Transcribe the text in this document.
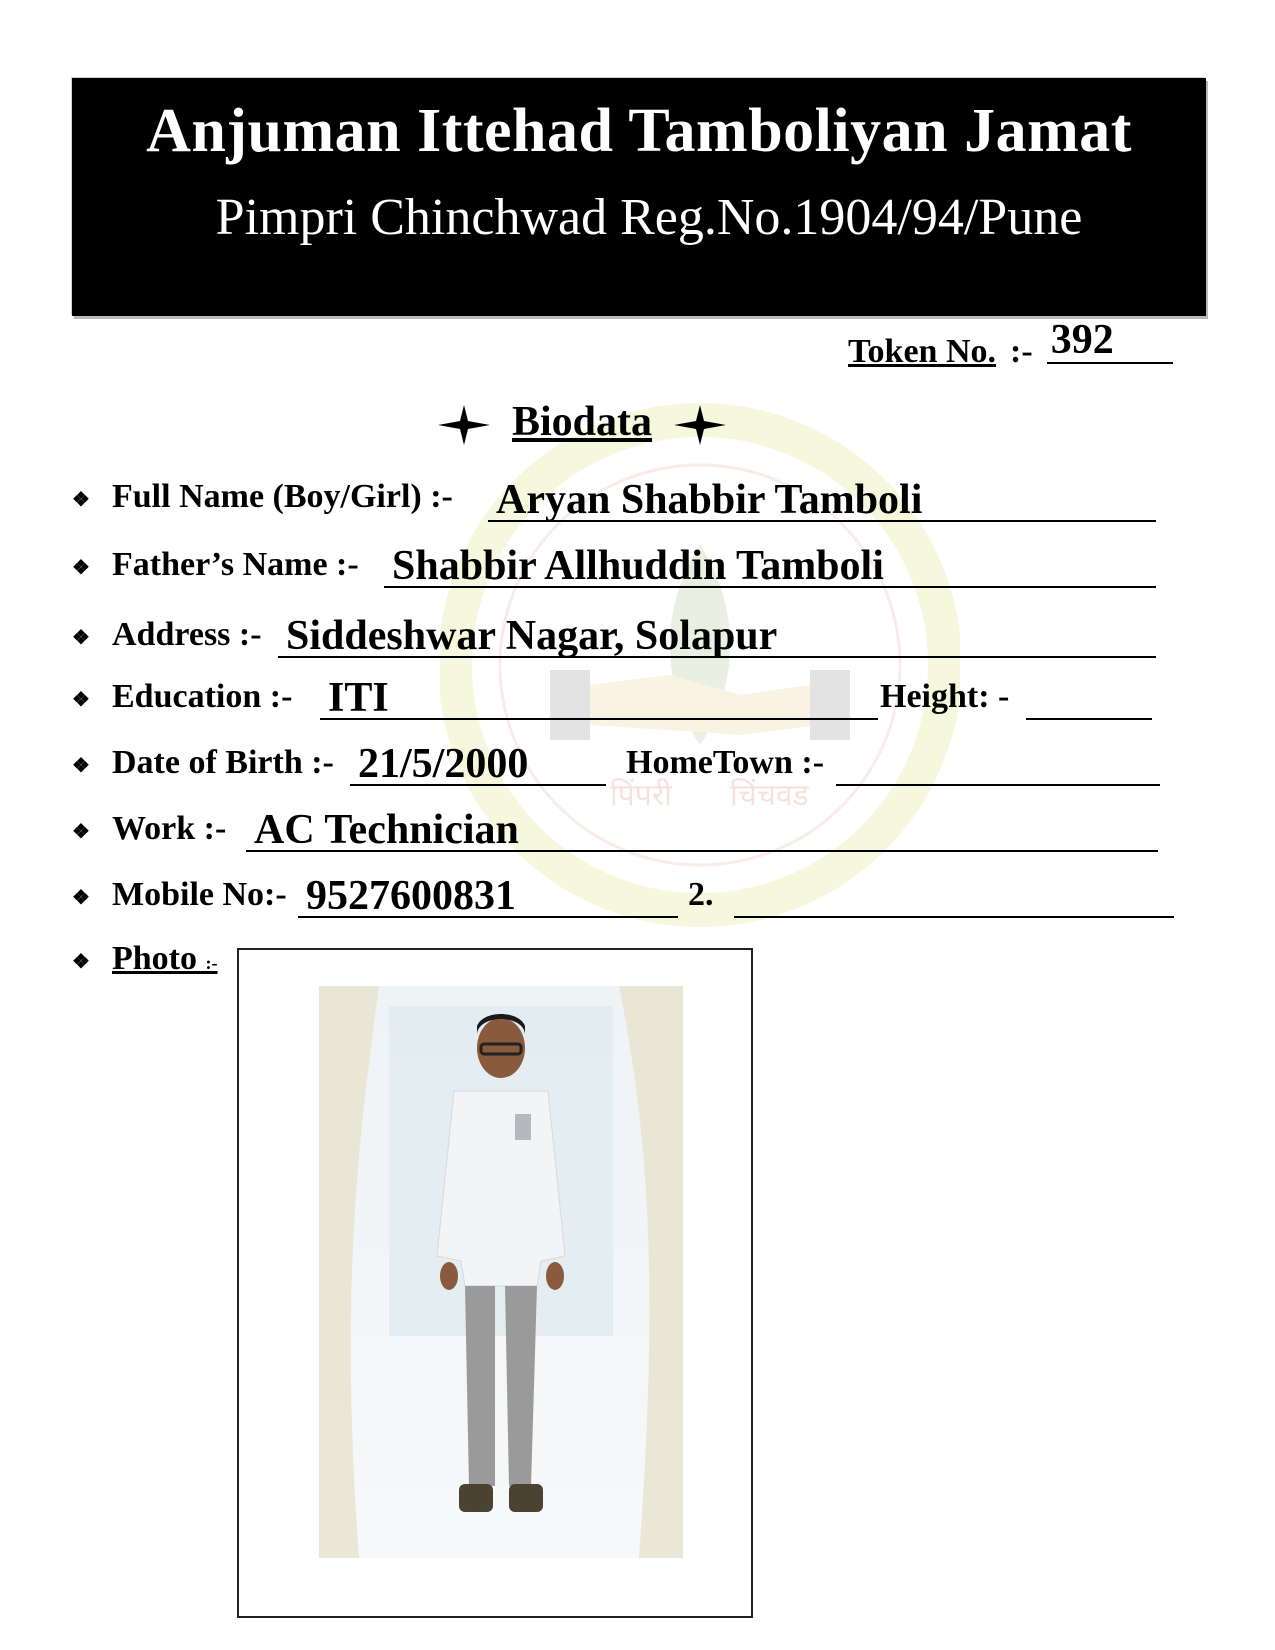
पिंपरी चिंचवड
Anjuman Ittehad Tamboliyan Jamat
Pimpri Chinchwad Reg.No.1904/94/Pune
Token No. :- 392
Biodata
❖ Full Name (Boy/Girl) :- Aryan Shabbir Tamboli
❖ Father’s Name :- Shabbir Allhuddin Tamboli
❖ Address :- Siddeshwar Nagar, Solapur
❖ Education :- ITI	Height: -
❖ Date of Birth :- 21/5/2000	HomeTown :-
❖ Work :- AC Technician
❖ Mobile No:- 9527600831	2.
❖ Photo :-
